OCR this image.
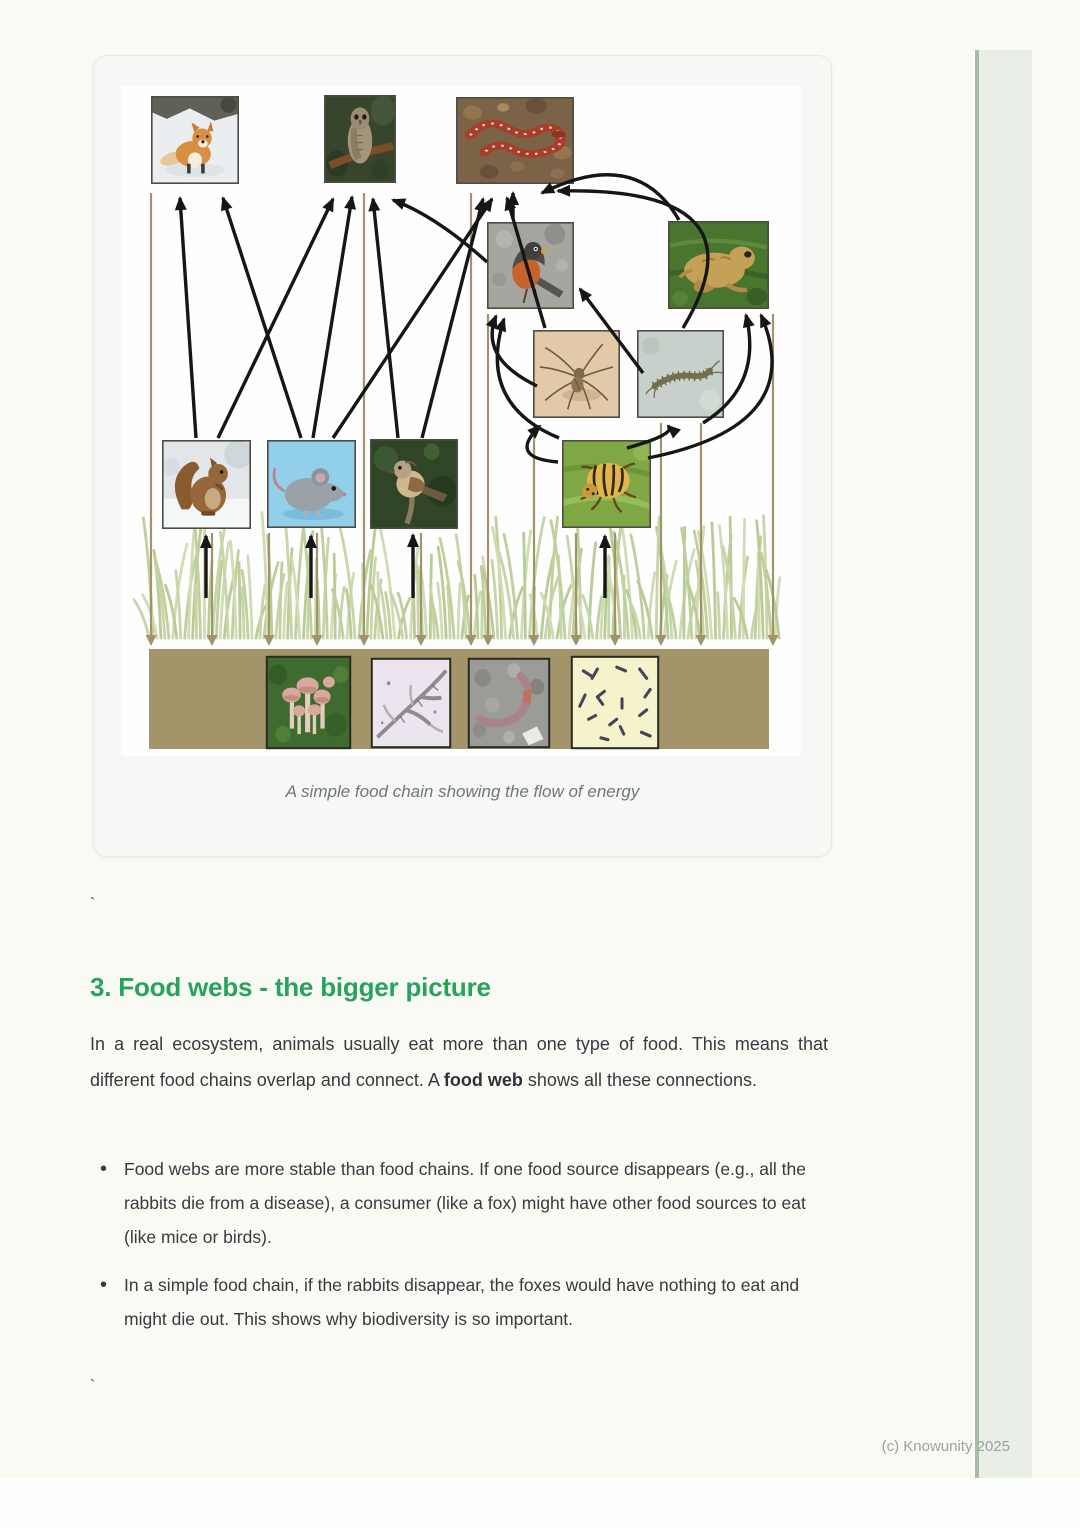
A simple food chain showing the flow of energy
`
3. Food webs - the bigger picture

In a real ecosystem, animals usually eat more than one type of food. This means that different food chains overlap and connect. A food web shows all these connections.

• Food webs are more stable than food chains. If one food source disappears (e.g., all the rabbits die from a disease), a consumer (like a fox) might have other food sources to eat (like mice or birds).
• In a simple food chain, if the rabbits disappear, the foxes would have nothing to eat and might die out. This shows why biodiversity is so important.
`
(c) Knowunity 2025
